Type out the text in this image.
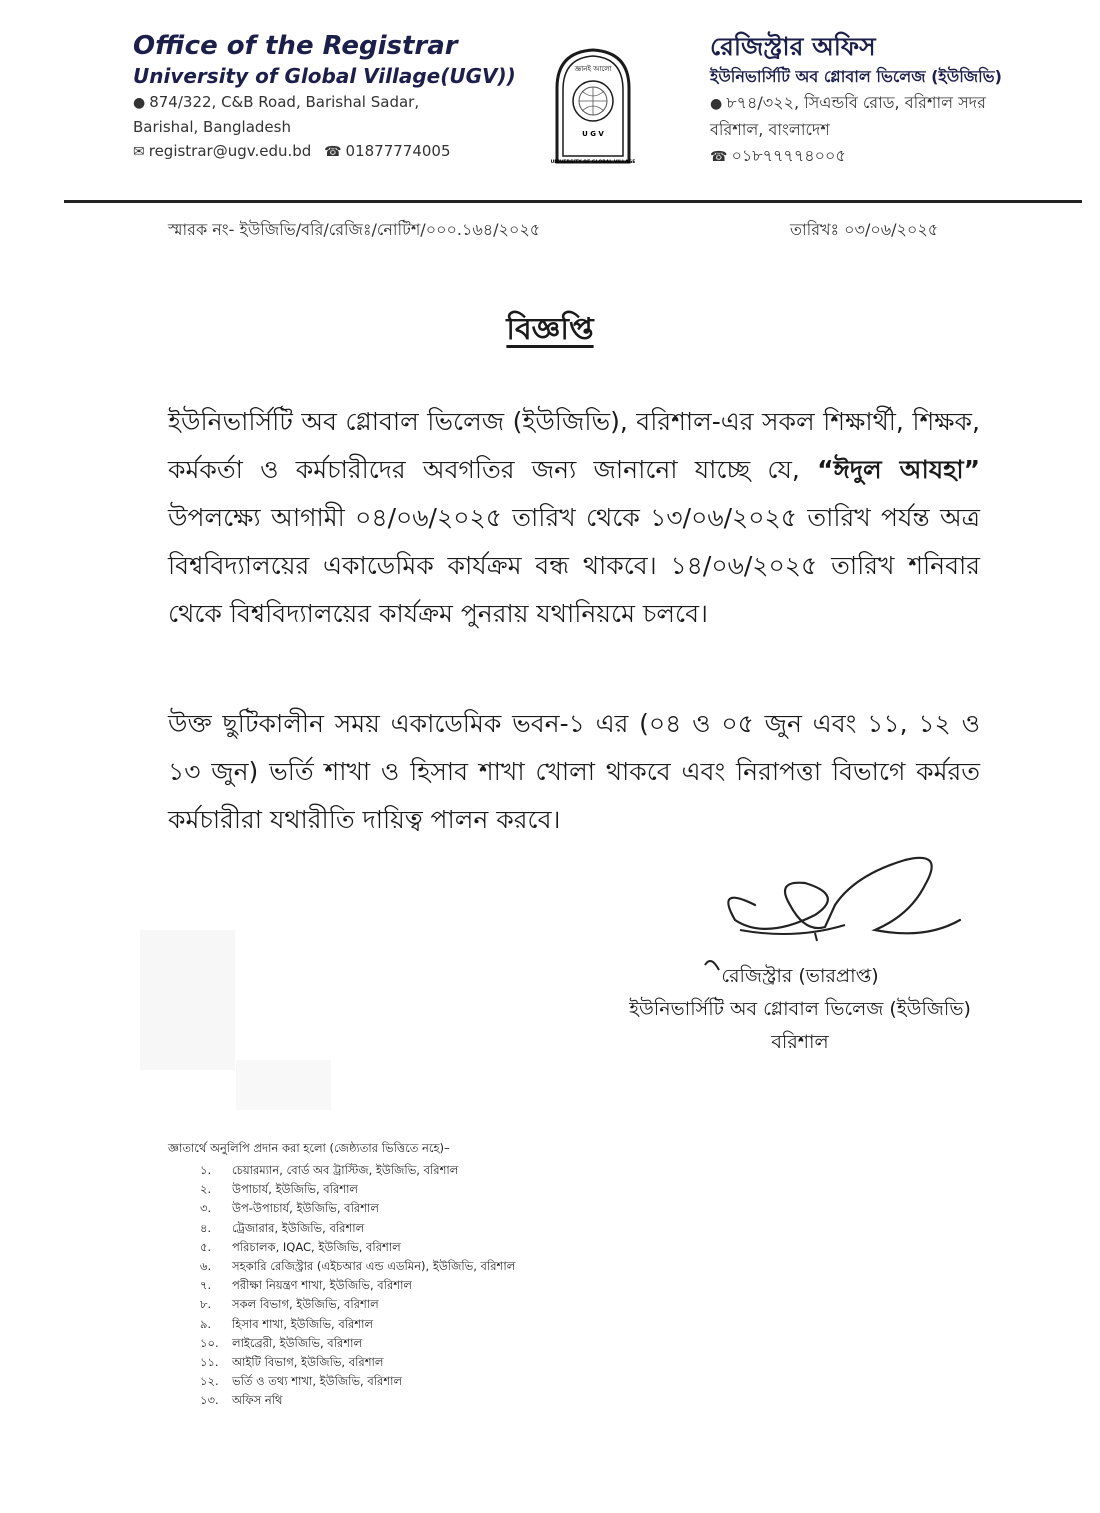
Office of the Registrar
University of Global Village(UGV))
● 874/322, C&B Road, Barishal Sadar,
Barishal, Bangladesh
✉ registrar@ugv.edu.bd ☎ 01877774005
জ্ঞানই আলো
U G V
UNIVERSITY OF GLOBAL VILLAGE
রেজিস্ট্রার অফিস
ইউনিভার্সিটি অব গ্লোবাল ভিলেজ (ইউজিভি)
● ৮৭৪/৩২২, সিএন্ডবি রোড, বরিশাল সদর
বরিশাল, বাংলাদেশ
☎ ০১৮৭৭৭৭৪০০৫
স্মারক নং- ইউজিভি/বরি/রেজিঃ/নোটিশ/০০০.১৬৪/২০২৫	তারিখঃ ০৩/০৬/২০২৫
বিজ্ঞপ্তি
ইউনিভার্সিটি অব গ্লোবাল ভিলেজ (ইউজিভি), বরিশাল-এর সকল শিক্ষার্থী, শিক্ষক, কর্মকর্তা ও কর্মচারীদের অবগতির জন্য জানানো যাচ্ছে যে, “ঈদুল আযহা” উপলক্ষ্যে আগামী ০৪/০৬/২০২৫ তারিখ থেকে ১৩/০৬/২০২৫ তারিখ পর্যন্ত অত্র বিশ্ববিদ্যালয়ের একাডেমিক কার্যক্রম বন্ধ থাকবে। ১৪/০৬/২০২৫ তারিখ শনিবার থেকে বিশ্ববিদ্যালয়ের কার্যক্রম পুনরায় যথানিয়মে চলবে।
উক্ত ছুটিকালীন সময় একাডেমিক ভবন-১ এর (০৪ ও ০৫ জুন এবং ১১, ১২ ও ১৩ জুন) ভর্তি শাখা ও হিসাব শাখা খোলা থাকবে এবং নিরাপত্তা বিভাগে কর্মরত কর্মচারীরা যথারীতি দায়িত্ব পালন করবে।
রেজিস্ট্রার (ভারপ্রাপ্ত)
ইউনিভার্সিটি অব গ্লোবাল ভিলেজ (ইউজিভি)
বরিশাল
জ্ঞাতার্থে অনুলিপি প্রদান করা হলো (জেষ্ঠ্যতার ভিত্তিতে নহে)–
১. চেয়ারম্যান, বোর্ড অব ট্রাস্টিজ, ইউজিভি, বরিশাল
২. উপাচার্য, ইউজিভি, বরিশাল
৩. উপ-উপাচার্য, ইউজিভি, বরিশাল
৪. ট্রেজারার, ইউজিভি, বরিশাল
৫. পরিচালক, IQAC, ইউজিভি, বরিশাল
৬. সহকারি রেজিস্ট্রার (এইচআর এন্ড এডমিন), ইউজিভি, বরিশাল
৭. পরীক্ষা নিয়ন্ত্রণ শাখা, ইউজিভি, বরিশাল
৮. সকল বিভাগ, ইউজিভি, বরিশাল
৯. হিসাব শাখা, ইউজিভি, বরিশাল
১০. লাইব্রেরী, ইউজিভি, বরিশাল
১১. আইটি বিভাগ, ইউজিভি, বরিশাল
১২. ভর্তি ও তথ্য শাখা, ইউজিভি, বরিশাল
১৩. অফিস নথি
